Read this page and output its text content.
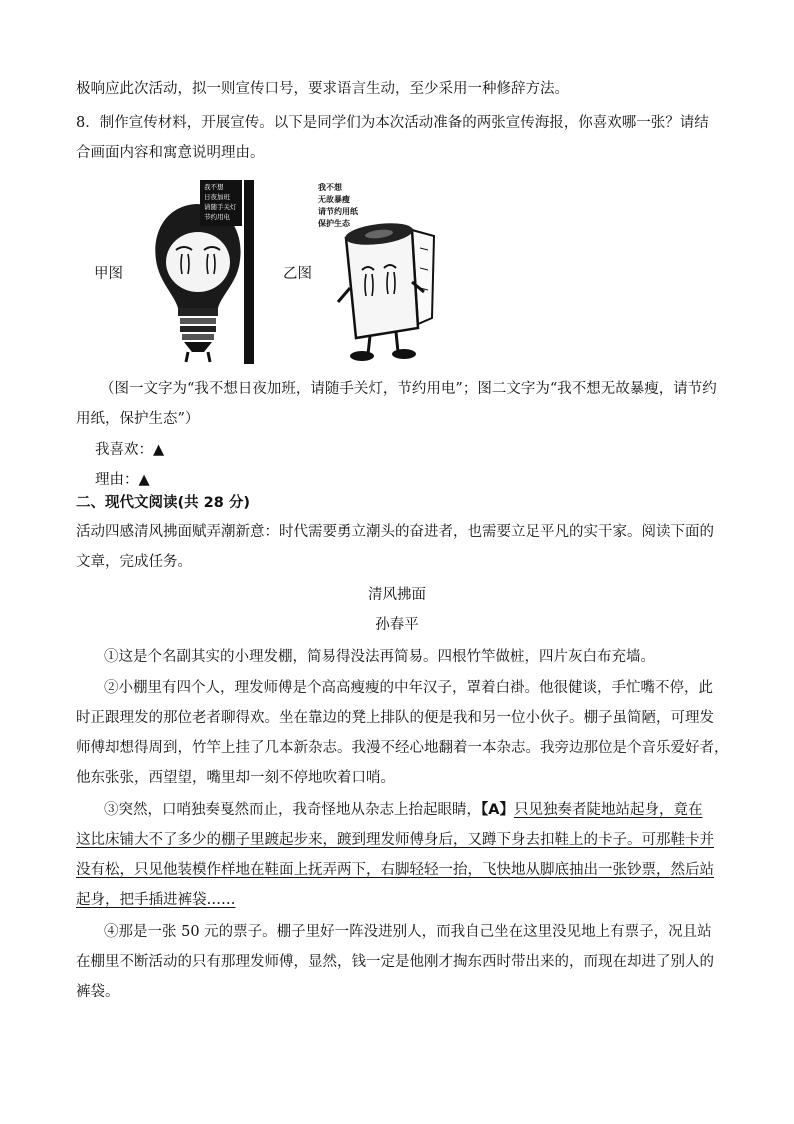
极响应此次活动，拟一则宣传口号，要求语言生动，至少采用一种修辞方法。
8．制作宣传材料，开展宣传。以下是同学们为本次活动准备的两张宣传海报，你喜欢哪一张？请结
合画面内容和寓意说明理由。
甲图	乙图
我不想
日夜加班
请随手关灯
节约用电
我不想
无故暴瘦
请节约用纸
保护生态
（图一文字为“我不想日夜加班，请随手关灯，节约用电”；图二文字为“我不想无故暴瘦，请节约
用纸，保护生态”）
我喜欢：▲
理由：▲
二、现代文阅读(共 28 分)
活动四感清风拂面赋弄潮新意：时代需要勇立潮头的奋进者，也需要立足平凡的实干家。阅读下面的
文章，完成任务。
清风拂面
孙春平
①这是个名副其实的小理发棚，简易得没法再简易。四根竹竿做桩，四片灰白布充墙。
②小棚里有四个人，理发师傅是个高高瘦瘦的中年汉子，罩着白褂。他很健谈，手忙嘴不停，此
时正跟理发的那位老者聊得欢。坐在靠边的凳上排队的便是我和另一位小伙子。棚子虽简陋，可理发
师傅却想得周到，竹竿上挂了几本新杂志。我漫不经心地翻着一本杂志。我旁边那位是个音乐爱好者，
他东张张，西望望，嘴里却一刻不停地吹着口哨。
③突然，口哨独奏戛然而止，我奇怪地从杂志上抬起眼睛，【A】只见独奏者陡地站起身，竟在
这比床铺大不了多少的棚子里踱起步来，踱到理发师傅身后，又蹲下身去扣鞋上的卡子。可那鞋卡并
没有松，只见他装模作样地在鞋面上抚弄两下，右脚轻轻一抬，飞快地从脚底抽出一张钞票，然后站
起身，把手插进裤袋……
④那是一张 50 元的票子。棚子里好一阵没进别人，而我自己坐在这里没见地上有票子，况且站
在棚里不断活动的只有那理发师傅，显然，钱一定是他刚才掏东西时带出来的，而现在却进了别人的
裤袋。
